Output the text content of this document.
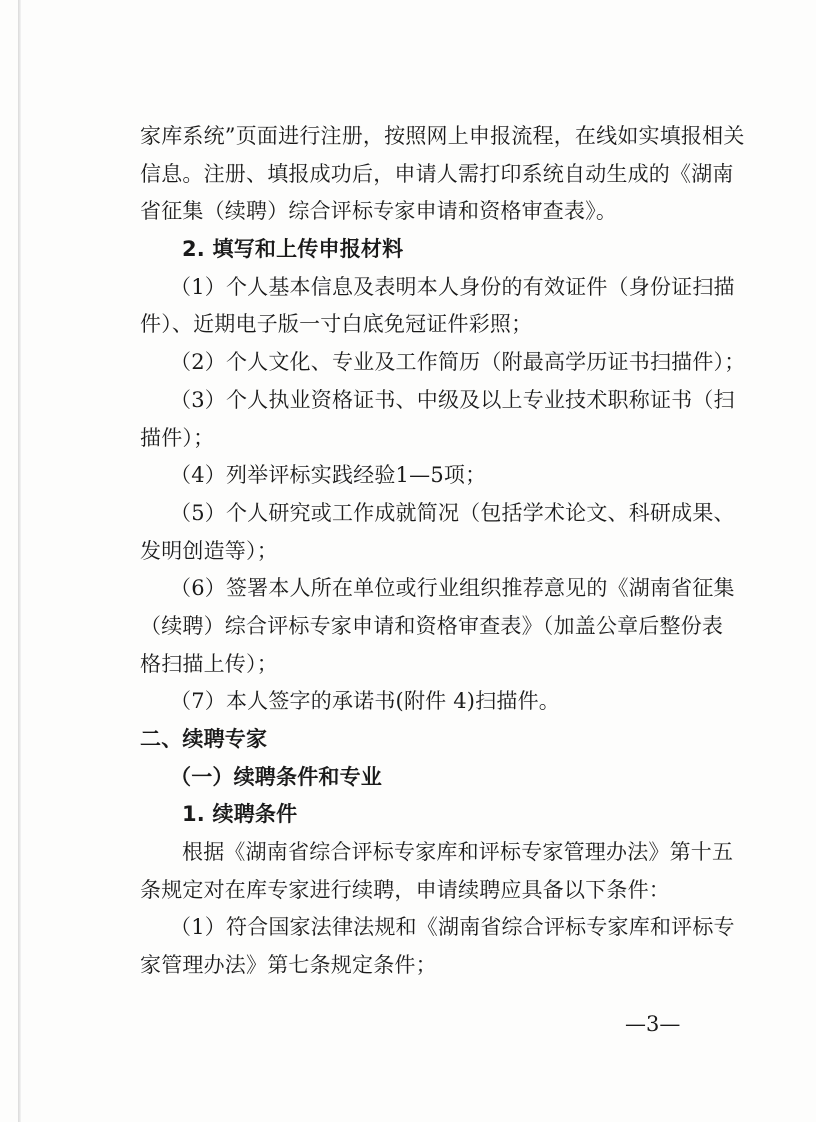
家库系统”页面进行注册，按照网上申报流程，在线如实填报相关
信息。注册、填报成功后，申请人需打印系统自动生成的《湖南
省征集（续聘）综合评标专家申请和资格审查表》。
2. 填写和上传申报材料
（1）个人基本信息及表明本人身份的有效证件（身份证扫描
件）、近期电子版一寸白底免冠证件彩照；
（2）个人文化、专业及工作简历（附最高学历证书扫描件）；
（3）个人执业资格证书、中级及以上专业技术职称证书（扫
描件）；
（4）列举评标实践经验1—5项；
（5）个人研究或工作成就简况（包括学术论文、科研成果、
发明创造等）；
（6）签署本人所在单位或行业组织推荐意见的《湖南省征集
（续聘）综合评标专家申请和资格审查表》（加盖公章后整份表
格扫描上传）；
（7）本人签字的承诺书(附件 4)扫描件。
二、续聘专家
（一）续聘条件和专业
1. 续聘条件
根据《湖南省综合评标专家库和评标专家管理办法》第十五
条规定对在库专家进行续聘，申请续聘应具备以下条件：
（1）符合国家法律法规和《湖南省综合评标专家库和评标专
家管理办法》第七条规定条件；
—3—
